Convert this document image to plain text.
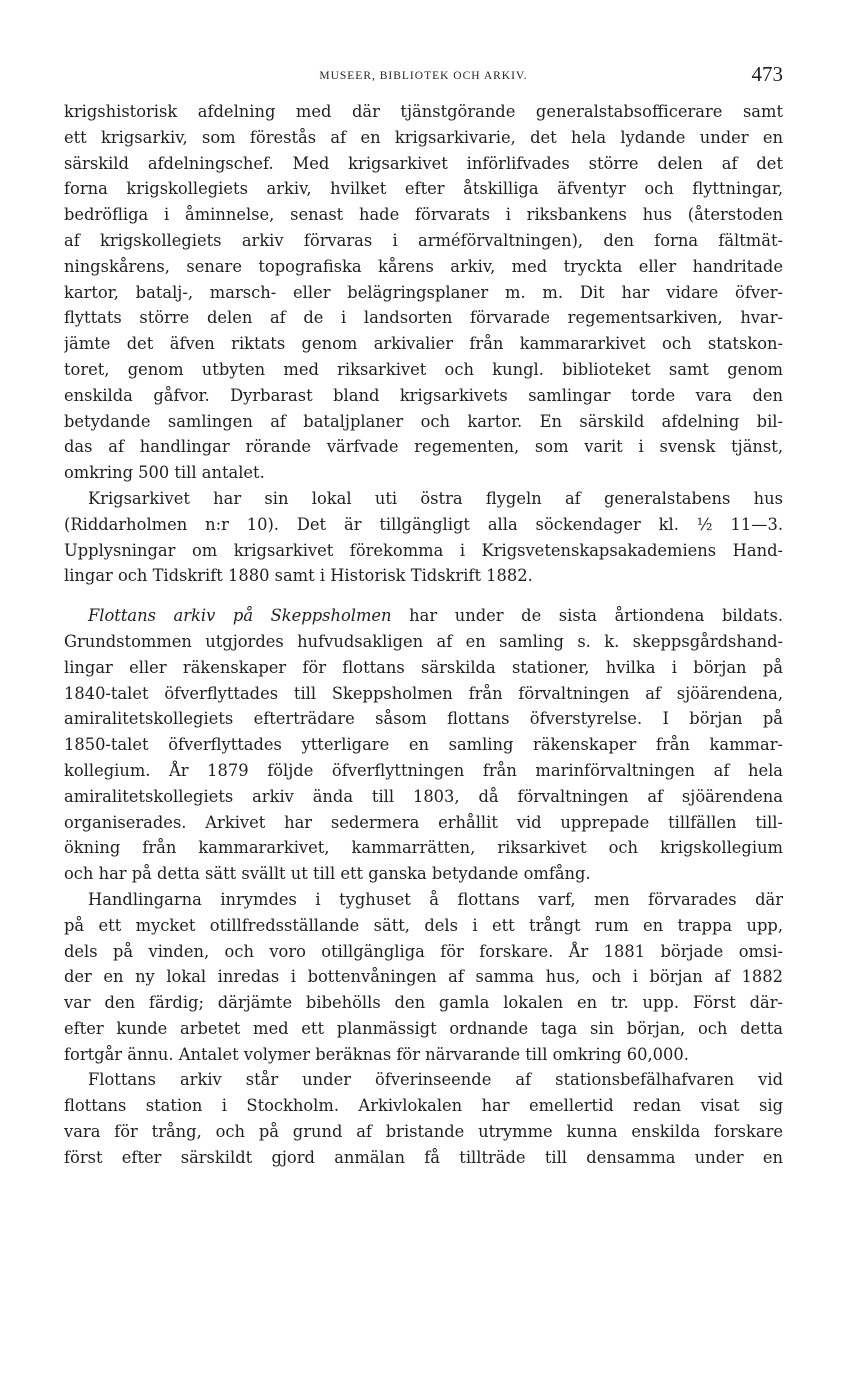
MUSEER, BIBLIOTEK OCH ARKIV.	473
krigshistorisk afdelning med där tjänstgörande generalstabsofficerare samt
ett krigsarkiv, som förestås af en krigsarkivarie, det hela lydande under en
särskild afdelningschef. Med krigsarkivet införlifvades större delen af det
forna krigskollegiets arkiv, hvilket efter åtskilliga äfventyr och flyttningar,
bedröfliga i åminnelse, senast hade förvarats i riksbankens hus (återstoden
af krigskollegiets arkiv förvaras i arméförvaltningen), den forna fältmät-
ningskårens, senare topografiska kårens arkiv, med tryckta eller handritade
kartor, batalj-, marsch- eller belägringsplaner m. m. Dit har vidare öfver-
flyttats större delen af de i landsorten förvarade regementsarkiven, hvar-
jämte det äfven riktats genom arkivalier från kammararkivet och statskon-
toret, genom utbyten med riksarkivet och kungl. biblioteket samt genom
enskilda gåfvor. Dyrbarast bland krigsarkivets samlingar torde vara den
betydande samlingen af bataljplaner och kartor. En särskild afdelning bil-
das af handlingar rörande värfvade regementen, som varit i svensk tjänst,
omkring 500 till antalet.
Krigsarkivet har sin lokal uti östra flygeln af generalstabens hus
(Riddarholmen n:r 10). Det är tillgängligt alla söckendager kl. ½ 11—3.
Upplysningar om krigsarkivet förekomma i Krigsvetenskapsakademiens Hand-
lingar och Tidskrift 1880 samt i Historisk Tidskrift 1882.
Flottans arkiv på Skeppsholmen har under de sista årtiondena bildats.
Grundstommen utgjordes hufvudsakligen af en samling s. k. skeppsgårdshand-
lingar eller räkenskaper för flottans särskilda stationer, hvilka i början på
1840-talet öfverflyttades till Skeppsholmen från förvaltningen af sjöärendena,
amiralitetskollegiets efterträdare såsom flottans öfverstyrelse. I början på
1850-talet öfverflyttades ytterligare en samling räkenskaper från kammar-
kollegium. År 1879 följde öfverflyttningen från marinförvaltningen af hela
amiralitetskollegiets arkiv ända till 1803, då förvaltningen af sjöärendena
organiserades. Arkivet har sedermera erhållit vid upprepade tillfällen till-
ökning från kammararkivet, kammarrätten, riksarkivet och krigskollegium
och har på detta sätt svällt ut till ett ganska betydande omfång.
Handlingarna inrymdes i tyghuset å flottans varf, men förvarades där
på ett mycket otillfredsställande sätt, dels i ett trångt rum en trappa upp,
dels på vinden, och voro otillgängliga för forskare. År 1881 började omsi-
der en ny lokal inredas i bottenvåningen af samma hus, och i början af 1882
var den färdig; därjämte bibehölls den gamla lokalen en tr. upp. Först där-
efter kunde arbetet med ett planmässigt ordnande taga sin början, och detta
fortgår ännu. Antalet volymer beräknas för närvarande till omkring 60,000.
Flottans arkiv står under öfverinseende af stationsbefälhafvaren vid
flottans station i Stockholm. Arkivlokalen har emellertid redan visat sig
vara för trång, och på grund af bristande utrymme kunna enskilda forskare
först efter särskildt gjord anmälan få tillträde till densamma under en
